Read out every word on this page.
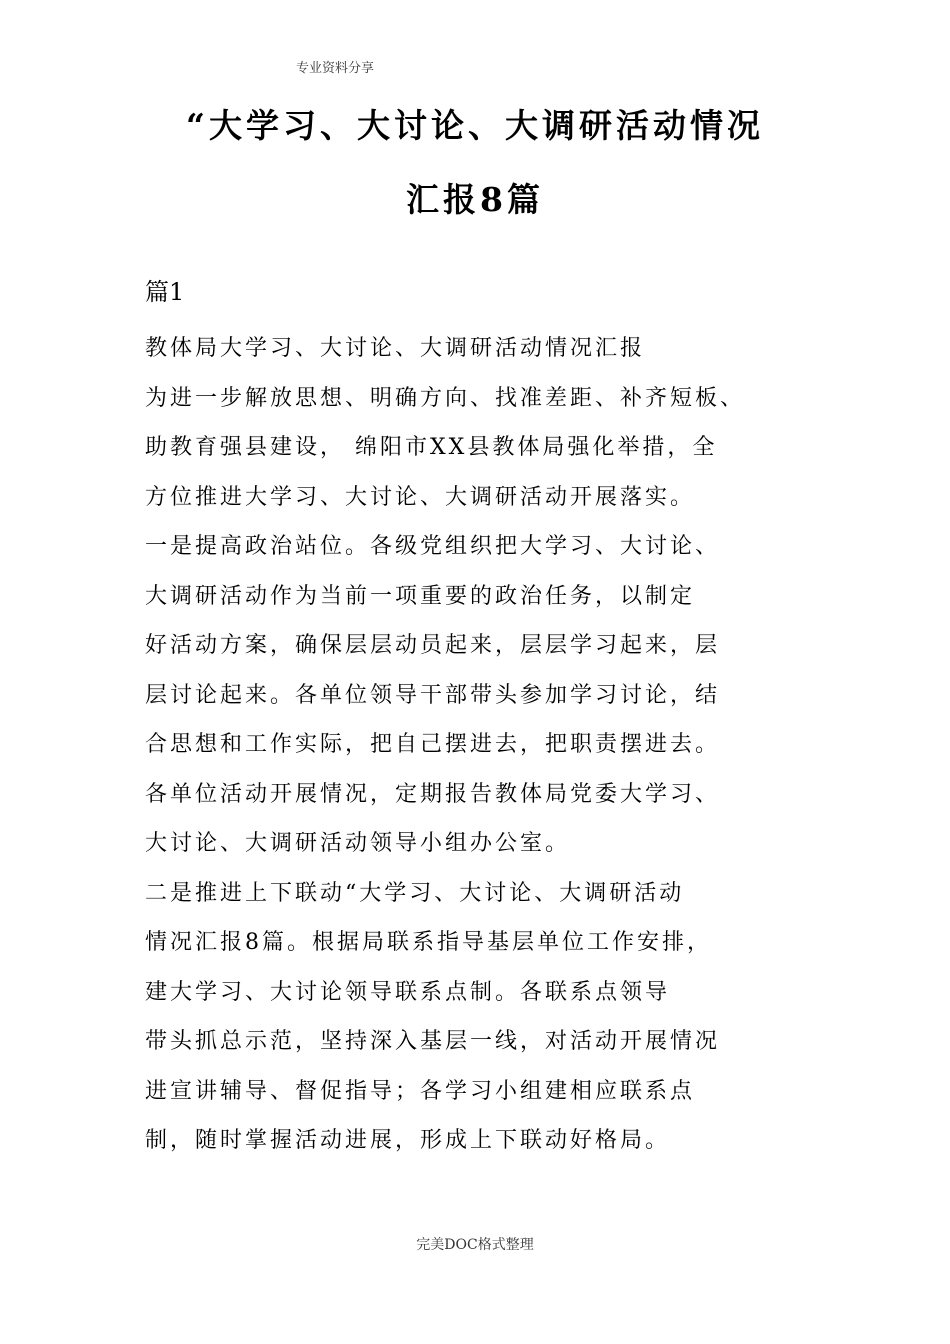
专业资料分享
“大学习、大讨论、大调研活动情况
汇报8篇
篇1
教体局大学习、大讨论、大调研活动情况汇报
为进一步解放思想、明确方向、找准差距、补齐短板、
助教育强县建设， 绵阳市XX县教体局强化举措，全
方位推进大学习、大讨论、大调研活动开展落实。
一是提高政治站位。各级党组织把大学习、大讨论、
大调研活动作为当前一项重要的政治任务，以制定
好活动方案，确保层层动员起来，层层学习起来，层
层讨论起来。各单位领导干部带头参加学习讨论，结
合思想和工作实际，把自己摆进去，把职责摆进去。
各单位活动开展情况，定期报告教体局党委大学习、
大讨论、大调研活动领导小组办公室。
二是推进上下联动“大学习、大讨论、大调研活动
情况汇报8篇。根据局联系指导基层单位工作安排，
建大学习、大讨论领导联系点制。各联系点领导
带头抓总示范，坚持深入基层一线，对活动开展情况
进宣讲辅导、督促指导；各学习小组建相应联系点
制，随时掌握活动进展，形成上下联动好格局。
完美DOC格式整理
